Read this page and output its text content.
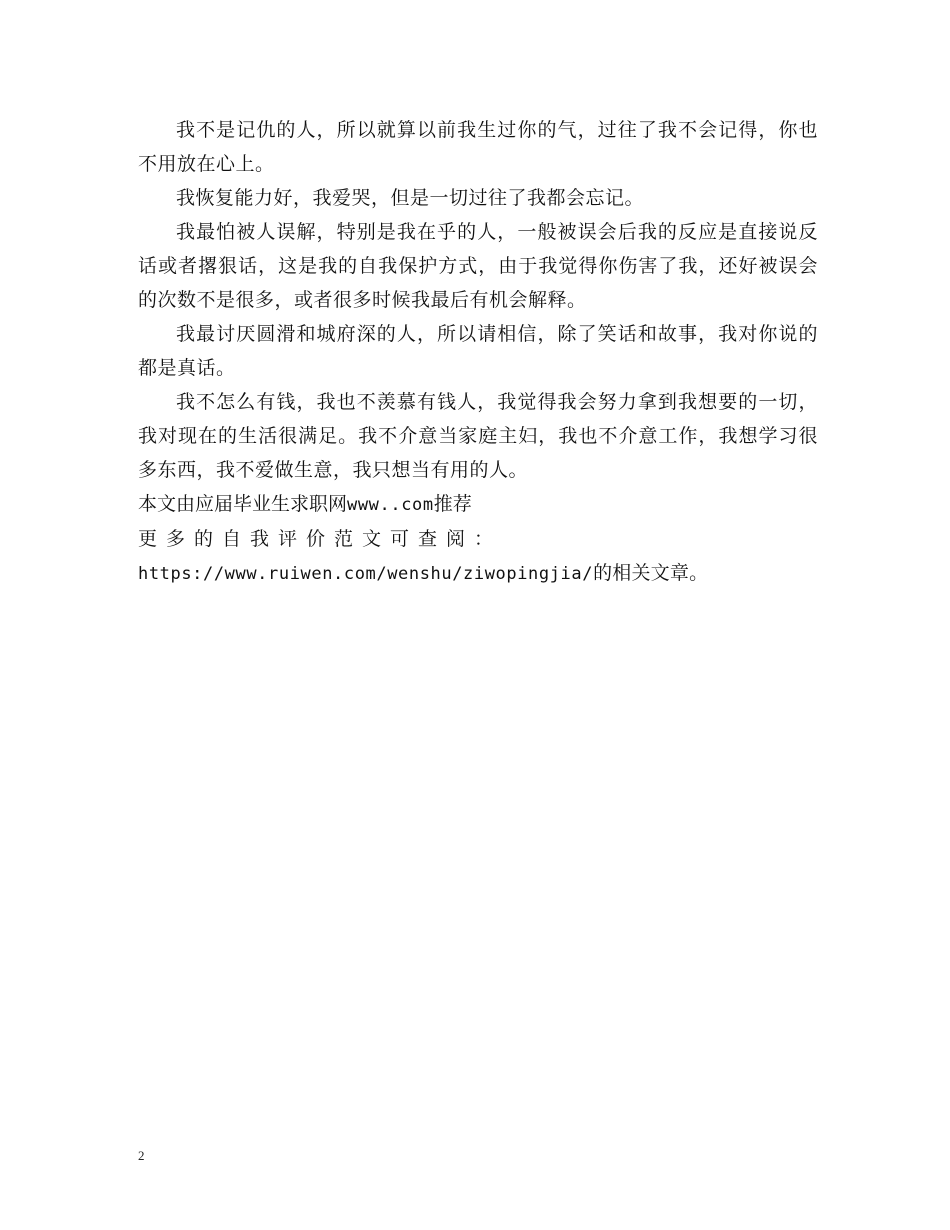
我不是记仇的人，所以就算以前我生过你的气，过往了我不会记得，你也不用放在心上。

我恢复能力好，我爱哭，但是一切过往了我都会忘记。

我最怕被人误解，特别是我在乎的人，一般被误会后我的反应是直接说反话或者撂狠话，这是我的自我保护方式，由于我觉得你伤害了我，还好被误会的次数不是很多，或者很多时候我最后有机会解释。

我最讨厌圆滑和城府深的人，所以请相信，除了笑话和故事，我对你说的都是真话。

我不怎么有钱，我也不羡慕有钱人，我觉得我会努力拿到我想要的一切，我对现在的生活很满足。我不介意当家庭主妇，我也不介意工作，我想学习很多东西，我不爱做生意，我只想当有用的人。

本文由应届毕业生求职网www..com推荐

更多的自我评价范文可查阅：https://www.ruiwen.com/wenshu/ziwopingjia/的相关文章。

2
